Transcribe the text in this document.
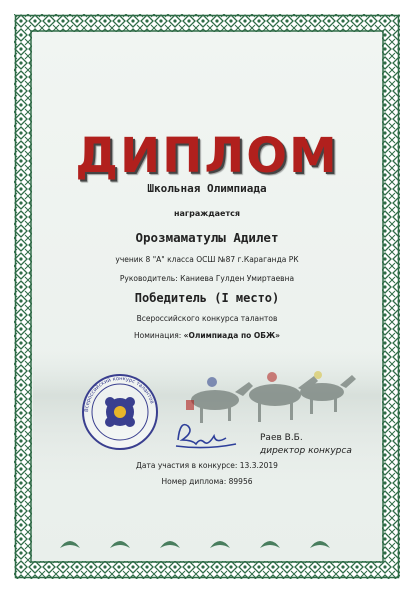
Всероссийский конкурс талантов
ДИПЛОМ
Школьная Олимпиада
награждается
Орозмаматулы Адилет
ученик 8 "А" класса ОСШ №87 г.Караганда РК
Руководитель: Каниева Гулден Умиртаевна
Победитель (I место)
Всероссийского конкурса талантов
Номинация: «Олимпиада по ОБЖ»
Раев В.Б.
директор конкурса
Дата участия в конкурсе: 13.3.2019
Номер диплома: 89956
